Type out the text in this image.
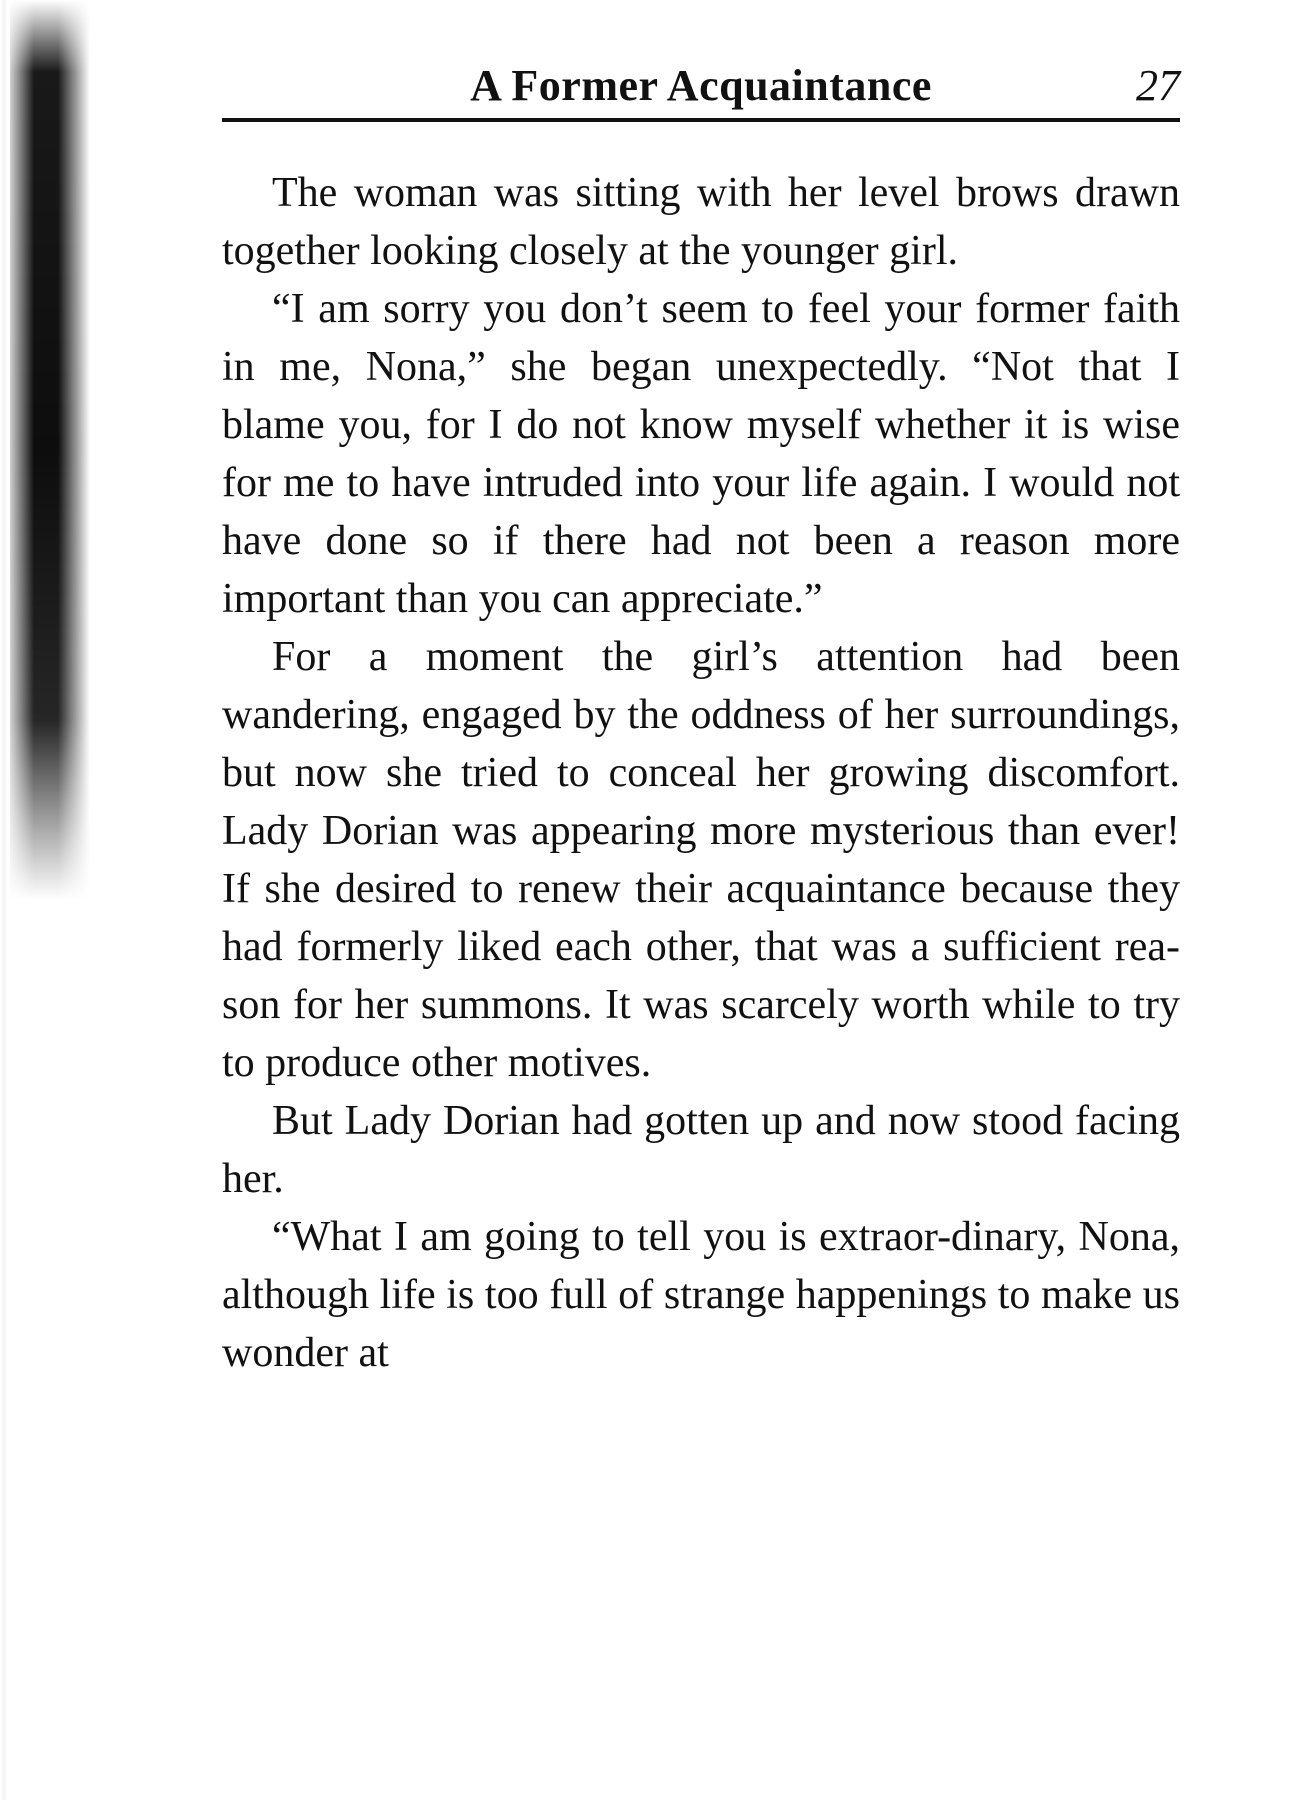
A Former Acquaintance	27

The woman was sitting with her level brows drawn together looking closely at the younger girl.

“I am sorry you don’t seem to feel your former faith in me, Nona,” she began unexpectedly. “Not that I blame you, for I do not know myself whether it is wise for me to have intruded into your life again. I would not have done so if there had not been a reason more important than you can appreciate.”

For a moment the girl’s attention had been wandering, engaged by the oddness of her surroundings, but now she tried to conceal her growing discomfort. Lady Dorian was appearing more mysterious than ever! If she desired to renew their acquaintance because they had formerly liked each other, that was a sufficient rea-son for her summons. It was scarcely worth while to try to produce other motives.

But Lady Dorian had gotten up and now stood facing her.

“What I am going to tell you is extraor-dinary, Nona, although life is too full of strange happenings to make us wonder at
